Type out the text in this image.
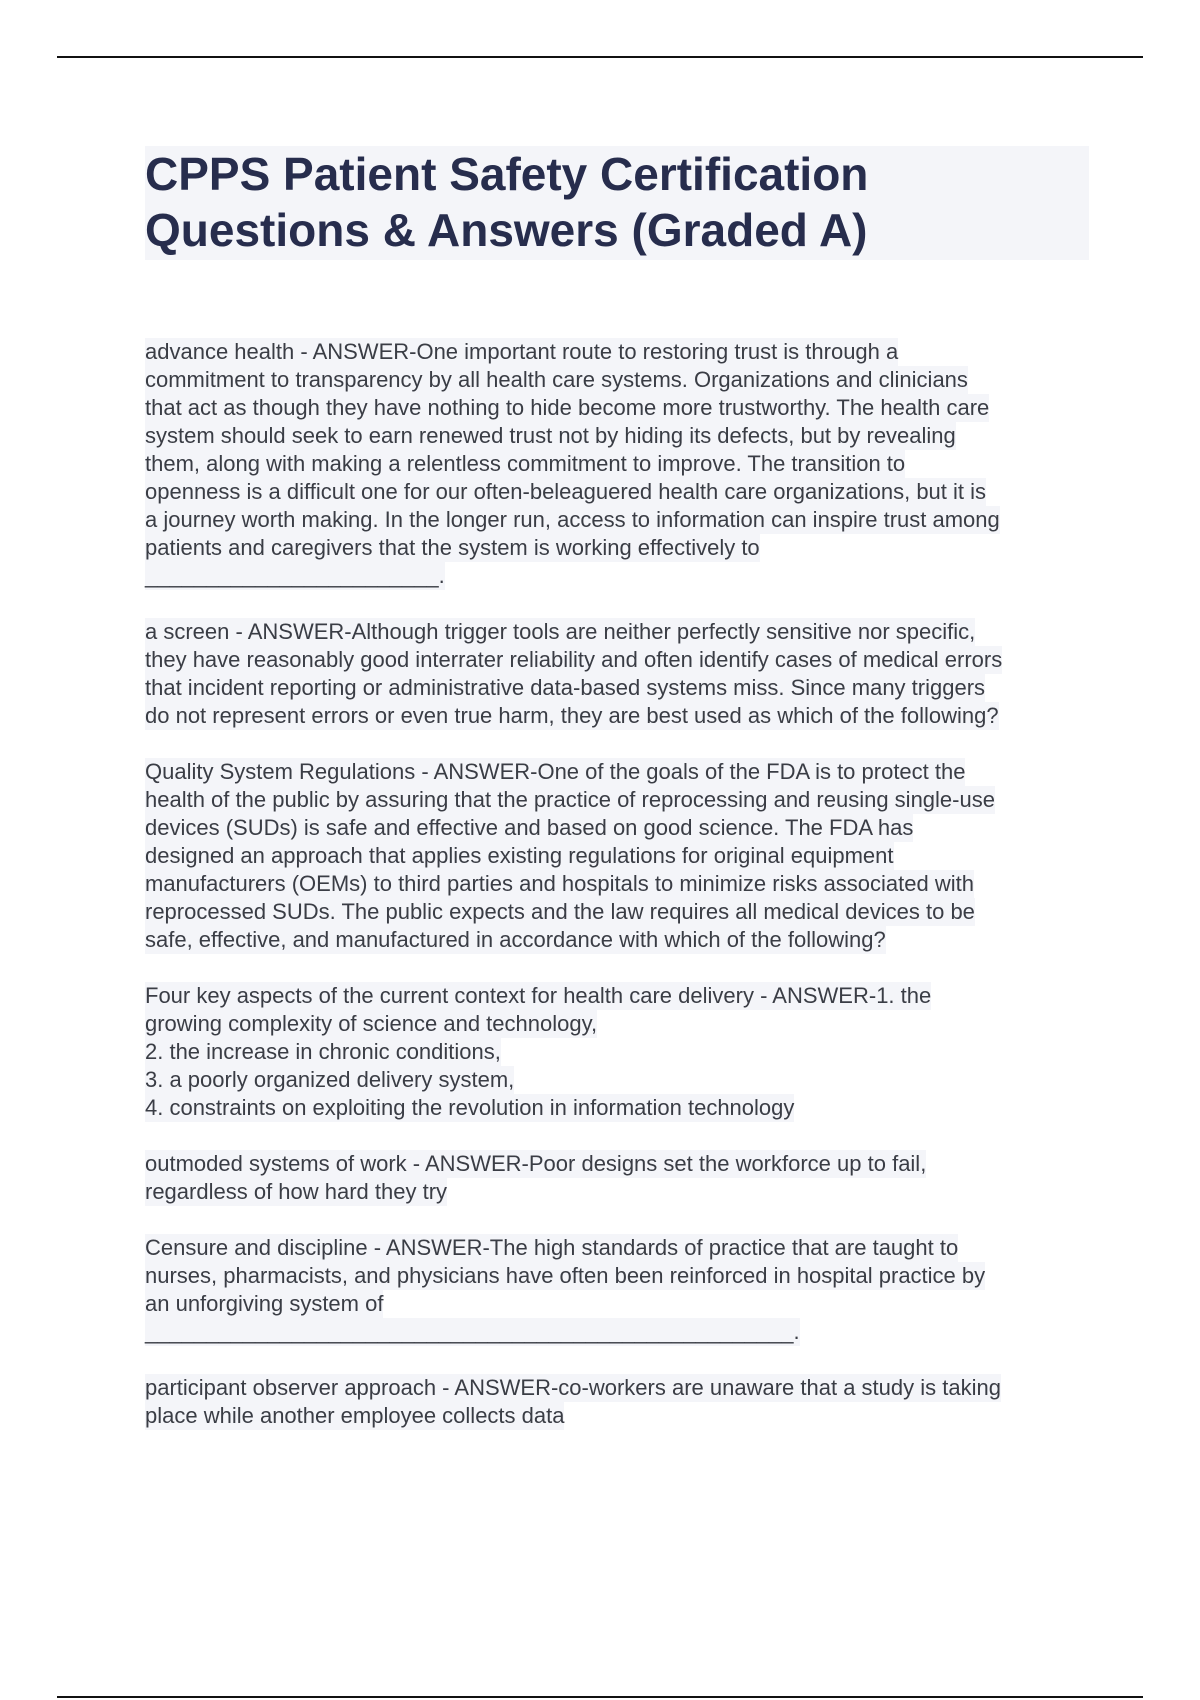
CPPS Patient Safety Certification
Questions & Answers (Graded A)
advance health - ANSWER-One important route to restoring trust is through a
commitment to transparency by all health care systems. Organizations and clinicians
that act as though they have nothing to hide become more trustworthy. The health care
system should seek to earn renewed trust not by hiding its defects, but by revealing
them, along with making a relentless commitment to improve. The transition to
openness is a difficult one for our often-beleaguered health care organizations, but it is
a journey worth making. In the longer run, access to information can inspire trust among
patients and caregivers that the system is working effectively to
________________________.
a screen - ANSWER-Although trigger tools are neither perfectly sensitive nor specific,
they have reasonably good interrater reliability and often identify cases of medical errors
that incident reporting or administrative data-based systems miss. Since many triggers
do not represent errors or even true harm, they are best used as which of the following?
Quality System Regulations - ANSWER-One of the goals of the FDA is to protect the
health of the public by assuring that the practice of reprocessing and reusing single-use
devices (SUDs) is safe and effective and based on good science. The FDA has
designed an approach that applies existing regulations for original equipment
manufacturers (OEMs) to third parties and hospitals to minimize risks associated with
reprocessed SUDs. The public expects and the law requires all medical devices to be
safe, effective, and manufactured in accordance with which of the following?
Four key aspects of the current context for health care delivery - ANSWER-1. the
growing complexity of science and technology,
2. the increase in chronic conditions,
3. a poorly organized delivery system,
4. constraints on exploiting the revolution in information technology
outmoded systems of work - ANSWER-Poor designs set the workforce up to fail,
regardless of how hard they try
Censure and discipline - ANSWER-The high standards of practice that are taught to
nurses, pharmacists, and physicians have often been reinforced in hospital practice by
an unforgiving system of
_____________________________________________________.
participant observer approach - ANSWER-co-workers are unaware that a study is taking
place while another employee collects data
